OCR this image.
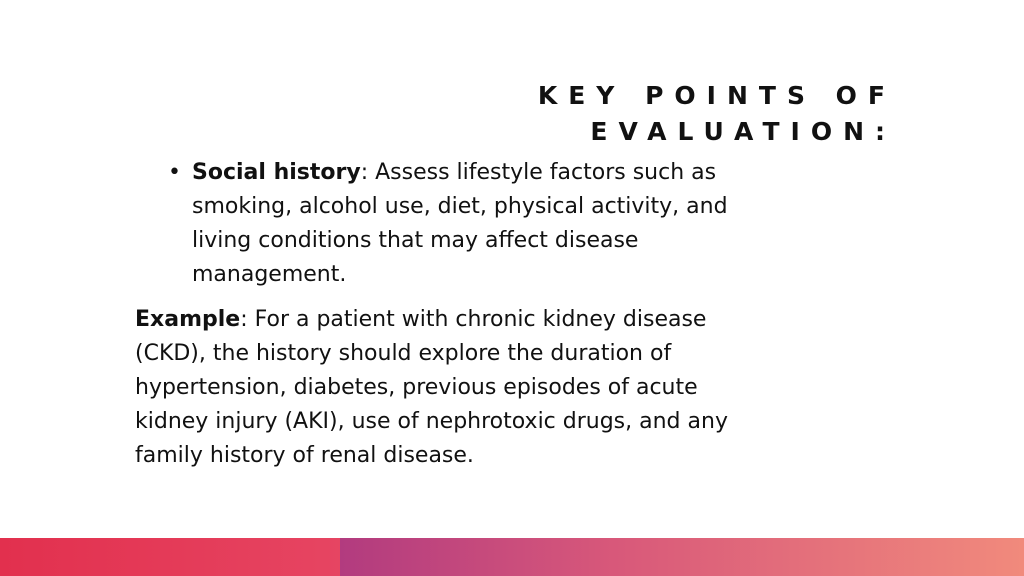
KEY POINTS OF
EVALUATION:
• Social history: Assess lifestyle factors such as smoking, alcohol use, diet, physical activity, and living conditions that may affect disease management.
Example: For a patient with chronic kidney disease (CKD), the history should explore the duration of hypertension, diabetes, previous episodes of acute kidney injury (AKI), use of nephrotoxic drugs, and any family history of renal disease.
